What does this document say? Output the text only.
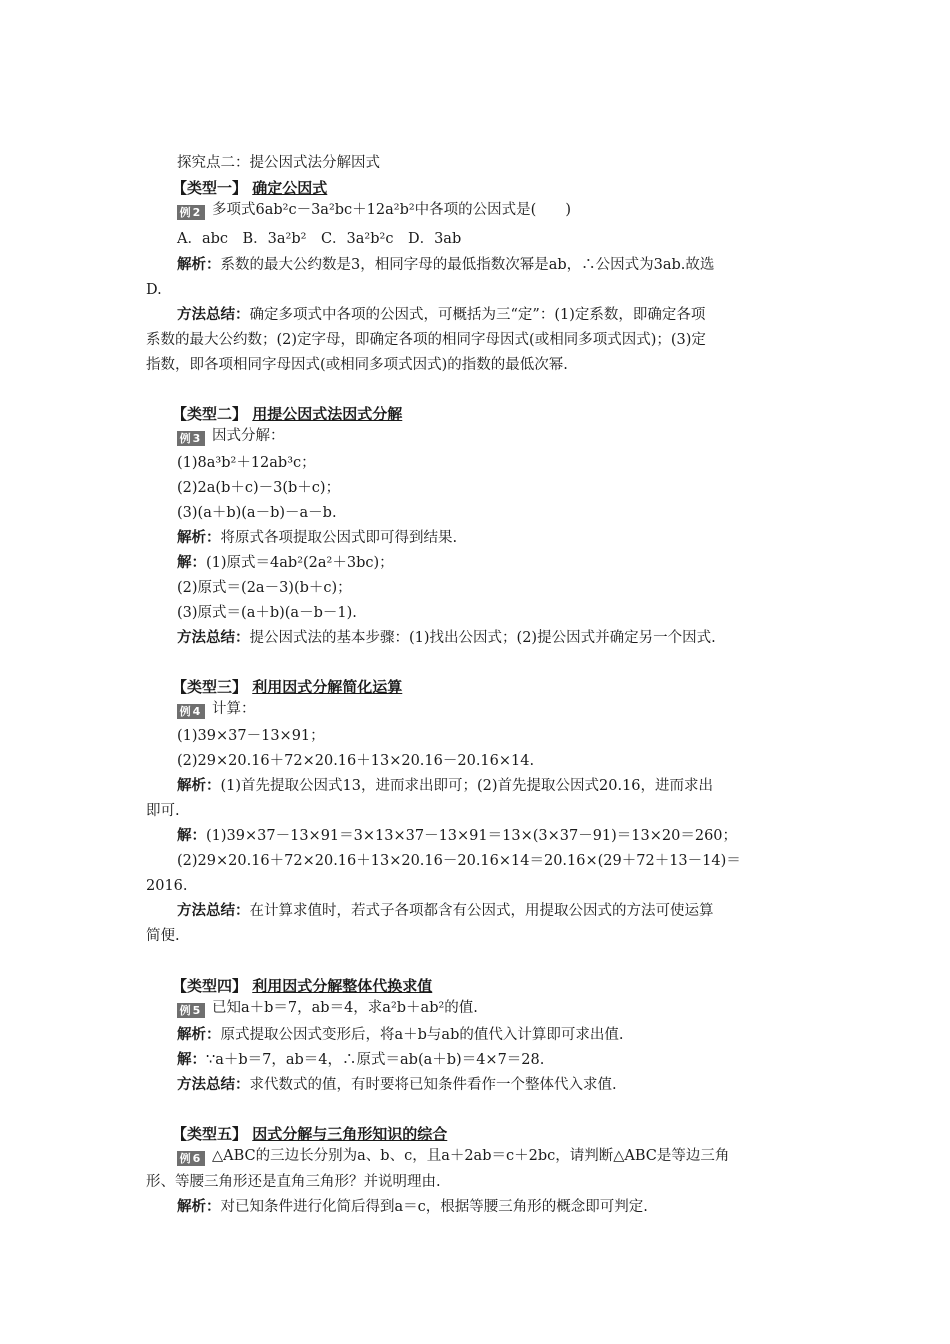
探究点二：提公因式法分解因式
【类型一】 确定公因式
例2 多项式6ab²c－3a²bc＋12a²b²中各项的公因式是(　　)
A．abc　B．3a²b²　C．3a²b²c　D．3ab
解析：系数的最大公约数是3，相同字母的最低指数次幂是ab，∴公因式为3ab.故选
D.
方法总结：确定多项式中各项的公因式，可概括为三“定”：(1)定系数，即确定各项
系数的最大公约数；(2)定字母，即确定各项的相同字母因式(或相同多项式因式)；(3)定
指数，即各项相同字母因式(或相同多项式因式)的指数的最低次幂.
【类型二】 用提公因式法因式分解
例3 因式分解：
(1)8a³b²＋12ab³c；
(2)2a(b＋c)－3(b＋c)；
(3)(a＋b)(a－b)－a－b.
解析：将原式各项提取公因式即可得到结果.
解：(1)原式＝4ab²(2a²＋3bc)；
(2)原式＝(2a－3)(b＋c)；
(3)原式＝(a＋b)(a－b－1).
方法总结：提公因式法的基本步骤：(1)找出公因式；(2)提公因式并确定另一个因式.
【类型三】 利用因式分解简化运算
例4 计算：
(1)39×37－13×91；
(2)29×20.16＋72×20.16＋13×20.16－20.16×14.
解析：(1)首先提取公因式13，进而求出即可；(2)首先提取公因式20.16，进而求出
即可.
解：(1)39×37－13×91＝3×13×37－13×91＝13×(3×37－91)＝13×20＝260；
(2)29×20.16＋72×20.16＋13×20.16－20.16×14＝20.16×(29＋72＋13－14)＝
2016.
方法总结：在计算求值时，若式子各项都含有公因式，用提取公因式的方法可使运算
简便.
【类型四】 利用因式分解整体代换求值
例5 已知a＋b＝7，ab＝4，求a²b＋ab²的值.
解析：原式提取公因式变形后，将a＋b与ab的值代入计算即可求出值.
解：∵a＋b＝7，ab＝4，∴原式＝ab(a＋b)＝4×7＝28.
方法总结：求代数式的值，有时要将已知条件看作一个整体代入求值.
【类型五】 因式分解与三角形知识的综合
例6 △ABC的三边长分别为a、b、c，且a＋2ab＝c＋2bc，请判断△ABC是等边三角
形、等腰三角形还是直角三角形？并说明理由.
解析：对已知条件进行化简后得到a＝c，根据等腰三角形的概念即可判定.
